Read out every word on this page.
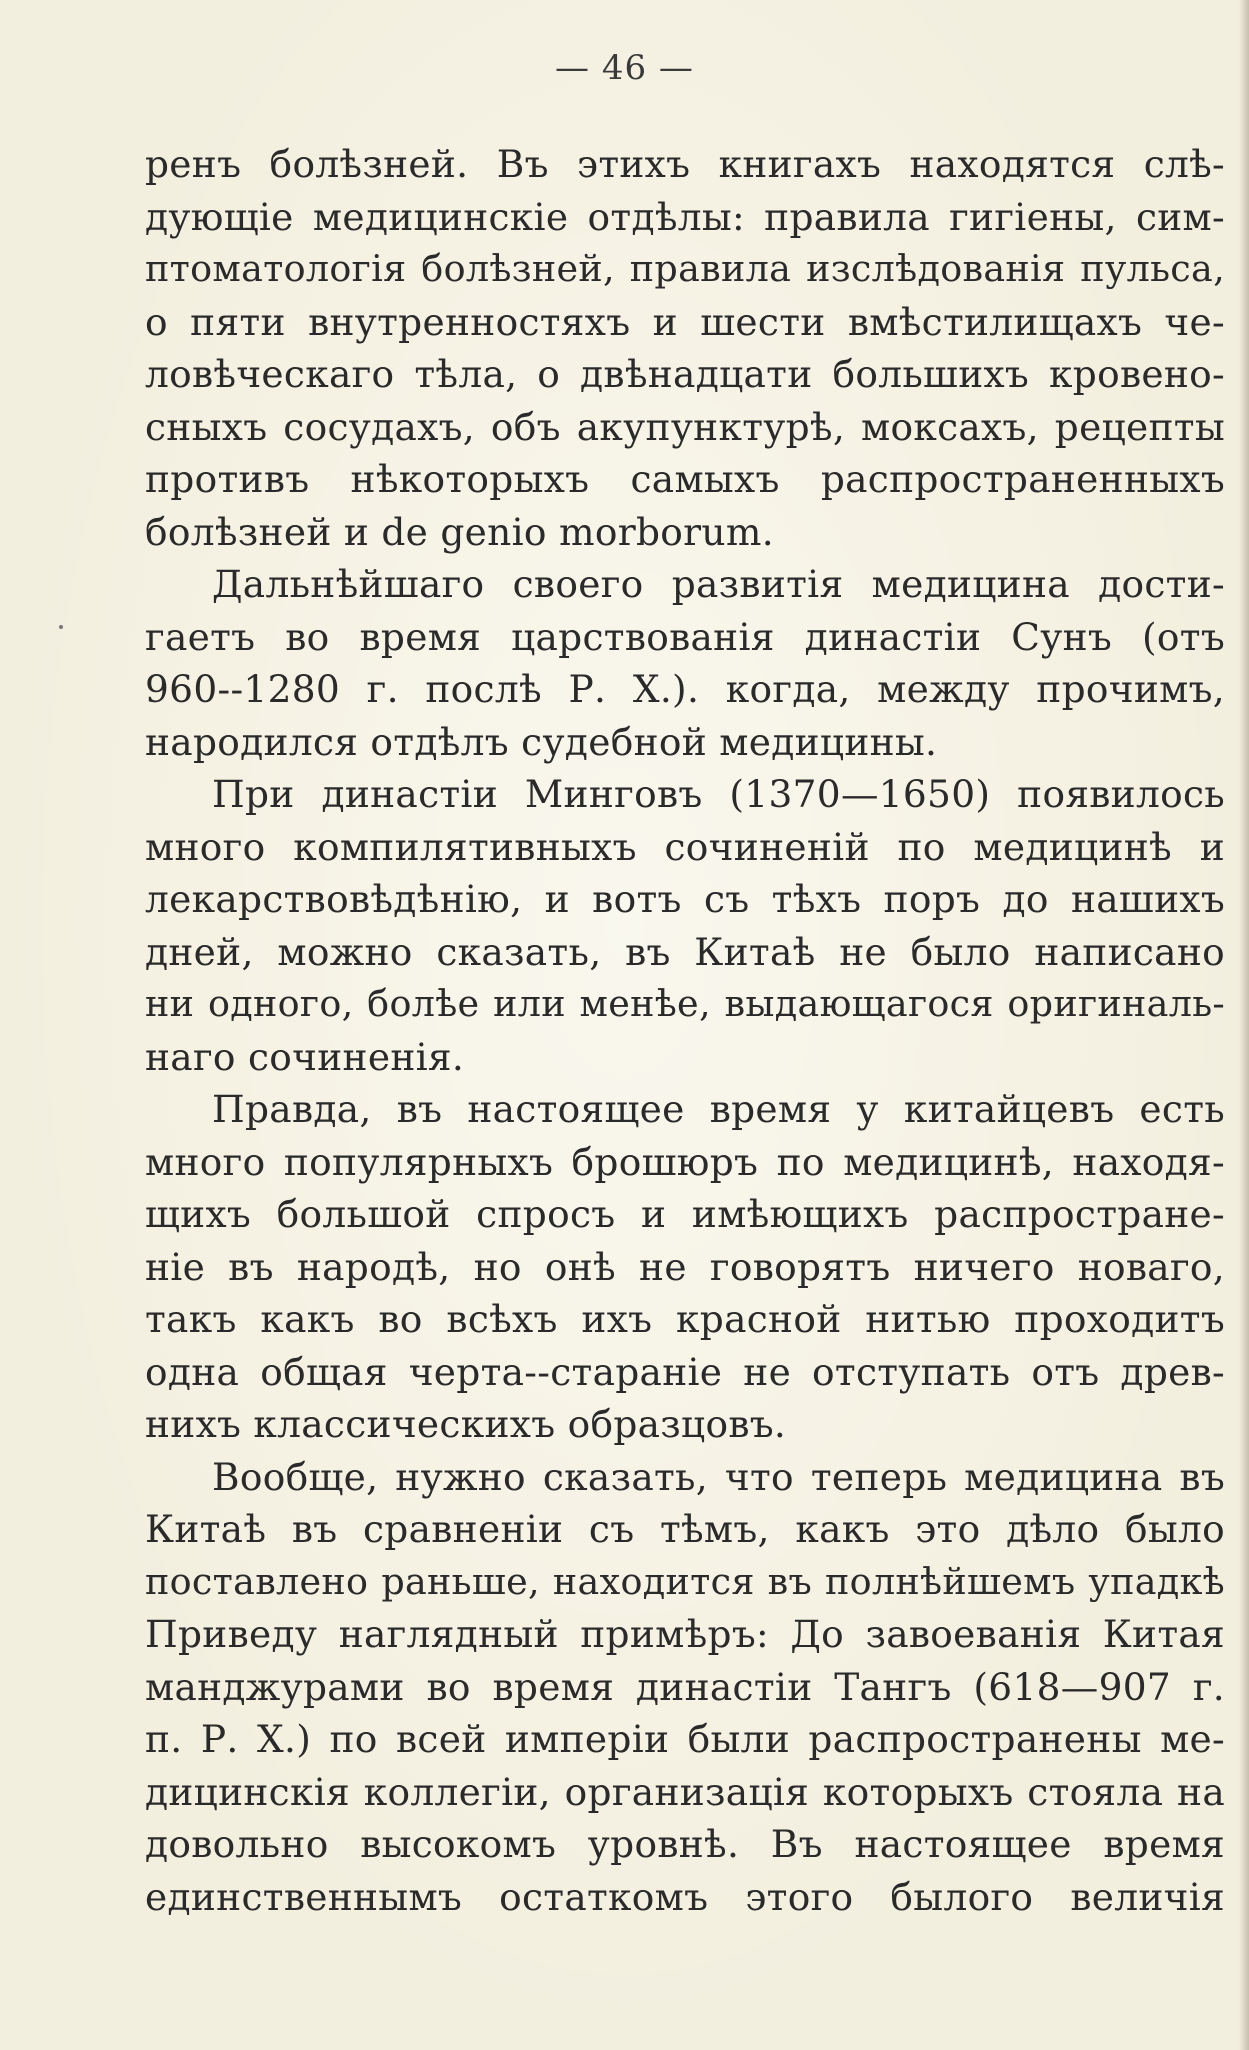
— 46 —
ренъ болѣзней. Въ этихъ книгахъ находятся слѣ-
дующіе медицинскіе отдѣлы: правила гигіены, сим-
птоматологія болѣзней, правила изслѣдованія пульса,
о пяти внутренностяхъ и шести вмѣстилищахъ че-
ловѣческаго тѣла, о двѣнадцати большихъ кровено-
сныхъ сосудахъ, объ акупунктурѣ, моксахъ, рецепты
противъ нѣкоторыхъ самыхъ распространенныхъ
болѣзней и de genio morborum.
Дальнѣйшаго своего развитія медицина дости-
гаетъ во время царствованія династіи Сунъ (отъ
960--1280 г. послѣ Р. Х.). когда, между прочимъ,
народился отдѣлъ судебной медицины.
При династіи Минговъ (1370—1650) появилось
много компилятивныхъ сочиненій по медицинѣ и
лекарствовѣдѣнію, и вотъ съ тѣхъ поръ до нашихъ
дней, можно сказать, въ Китаѣ не было написано
ни одного, болѣе или менѣе, выдающагося оригиналь-
наго сочиненія.
Правда, въ настоящее время у китайцевъ есть
много популярныхъ брошюръ по медицинѣ, находя-
щихъ большой спросъ и имѣющихъ распростране-
ніе въ народѣ, но онѣ не говорятъ ничего новаго,
такъ какъ во всѣхъ ихъ красной нитью проходитъ
одна общая черта--стараніе не отступать отъ древ-
нихъ классическихъ образцовъ.
Вообще, нужно сказать, что теперь медицина въ
Китаѣ въ сравненіи съ тѣмъ, какъ это дѣло было
поставлено раньше, находится въ полнѣйшемъ упадкѣ
Приведу наглядный примѣръ: До завоеванія Китая
манджурами во время династіи Тангъ (618—907 г.
п. Р. Х.) по всей имперіи были распространены ме-
дицинскія коллегіи, организація которыхъ стояла на
довольно высокомъ уровнѣ. Въ настоящее время
единственнымъ остаткомъ этого былого величія
